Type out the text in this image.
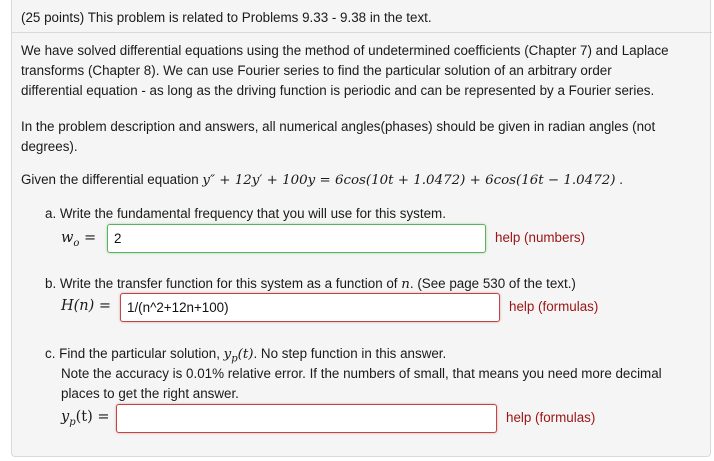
(25 points) This problem is related to Problems 9.33 - 9.38 in the text.
We have solved differential equations using the method of undetermined coefficients (Chapter 7) and Laplace
transforms (Chapter 8). We can use Fourier series to find the particular solution of an arbitrary order
differential equation - as long as the driving function is periodic and can be represented by a Fourier series.
In the problem description and answers, all numerical angles(phases) should be given in radian angles (not
degrees).
Given the differential equation y″ + 12y′ + 100y = 6cos(10t + 1.0472) + 6cos(16t − 1.0472) .
a. Write the fundamental frequency that you will use for this system.
$w_o$ =
2	help (numbers)
b. Write the transfer function for this system as a function of n. (See page 530 of the text.)
H(n) =
1/(n^2+12n+100)	help (formulas)
c. Find the particular solution, $y_p(t)$. No step function in this answer.
Note the accuracy is 0.01% relative error. If the numbers of small, that means you need more decimal
places to get the right answer.
$y_p(t)$ =	help (formulas)
